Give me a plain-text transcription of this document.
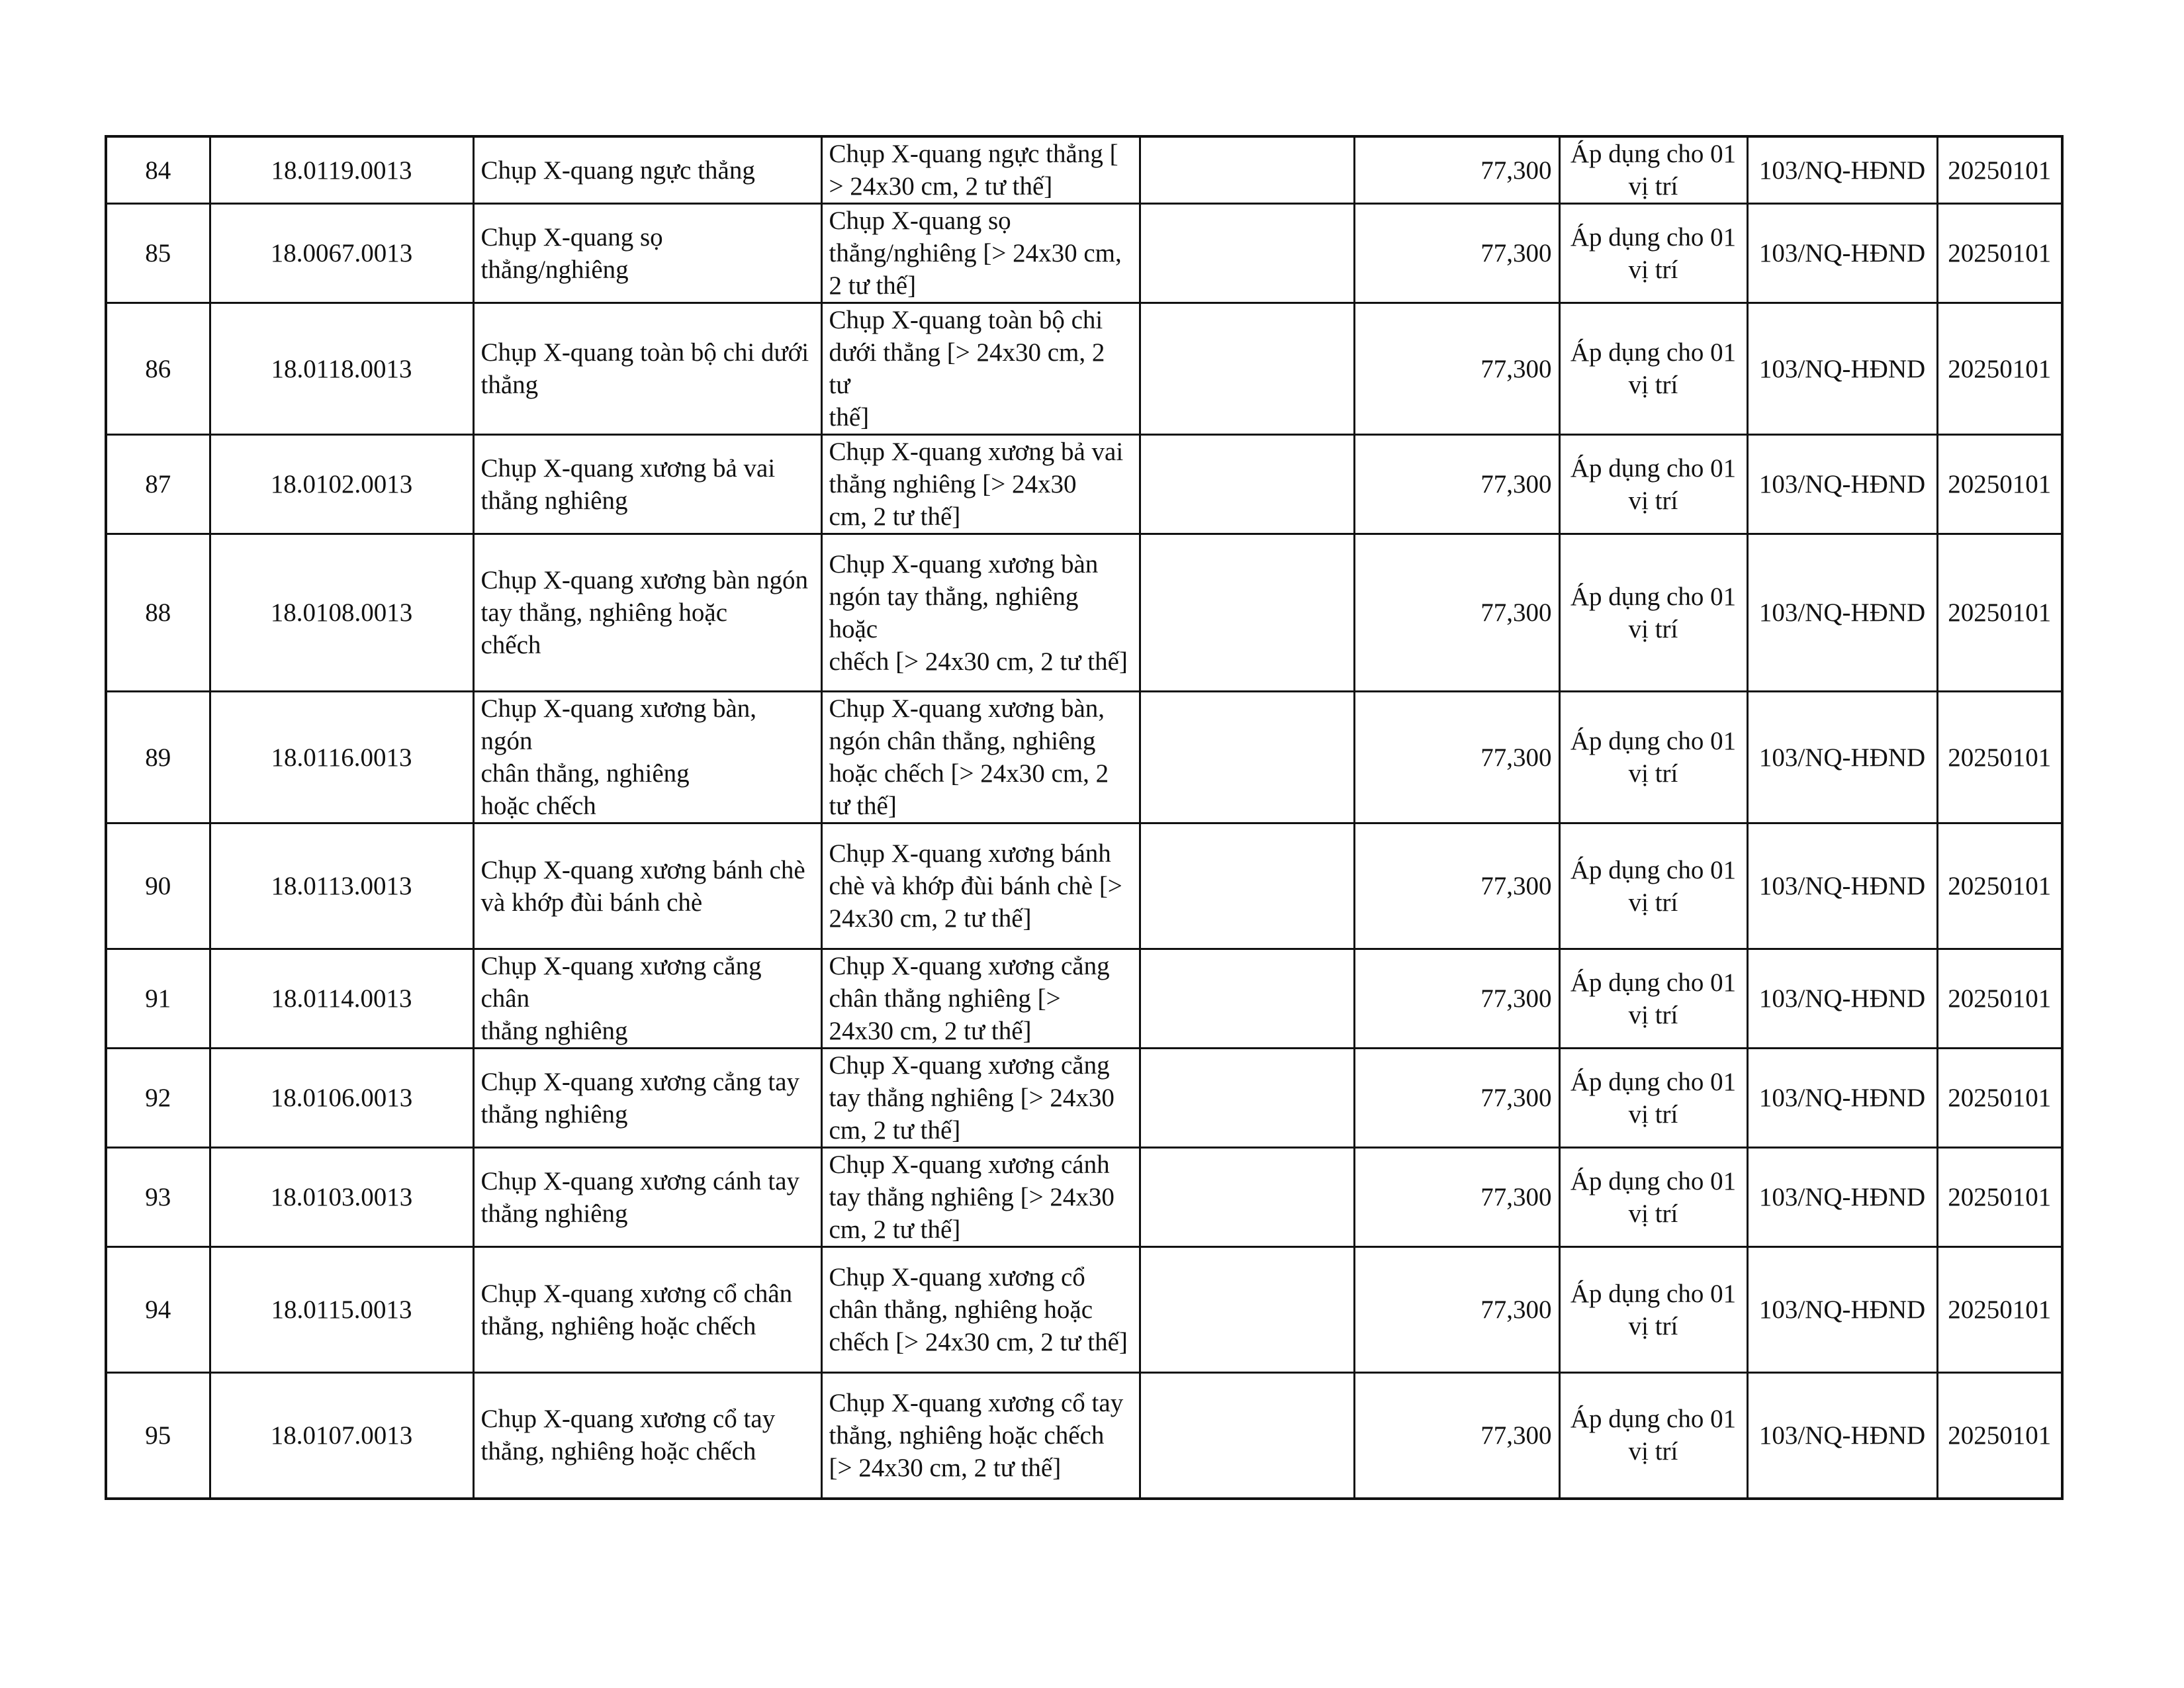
84	18.0119.0013	Chụp X-quang ngực thẳng	Chụp X-quang ngực thẳng [
> 24x30 cm, 2 tư thế]		77,300	Áp dụng cho 01
vị trí	103/NQ-HĐND	20250101

85	18.0067.0013	Chụp X-quang sọ thẳng/nghiêng	Chụp X-quang sọ
thẳng/nghiêng [> 24x30 cm,
2 tư thế]		77,300	Áp dụng cho 01
vị trí	103/NQ-HĐND	20250101

86	18.0118.0013	Chụp X-quang toàn bộ chi dưới
thẳng	Chụp X-quang toàn bộ chi
dưới thẳng [> 24x30 cm, 2 tư
thế]		77,300	Áp dụng cho 01
vị trí	103/NQ-HĐND	20250101

87	18.0102.0013	Chụp X-quang xương bả vai
thẳng nghiêng	Chụp X-quang xương bả vai
thẳng nghiêng [> 24x30
cm, 2 tư thế]		77,300	Áp dụng cho 01
vị trí	103/NQ-HĐND	20250101

88	18.0108.0013	Chụp X-quang xương bàn ngón
tay thẳng, nghiêng hoặc
chếch	Chụp X-quang xương bàn
ngón tay thẳng, nghiêng hoặc
chếch [> 24x30 cm, 2 tư thế]		77,300	Áp dụng cho 01
vị trí	103/NQ-HĐND	20250101

89	18.0116.0013	Chụp X-quang xương bàn, ngón
chân thẳng, nghiêng
hoặc chếch	Chụp X-quang xương bàn,
ngón chân thẳng, nghiêng
hoặc chếch [> 24x30 cm, 2
tư thế]		77,300	Áp dụng cho 01
vị trí	103/NQ-HĐND	20250101

90	18.0113.0013	Chụp X-quang xương bánh chè
và khớp đùi bánh chè	Chụp X-quang xương bánh
chè và khớp đùi bánh chè [>
24x30 cm, 2 tư thế]		77,300	Áp dụng cho 01
vị trí	103/NQ-HĐND	20250101

91	18.0114.0013	Chụp X-quang xương cẳng chân
thẳng nghiêng	Chụp X-quang xương cẳng
chân thẳng nghiêng [>
24x30 cm, 2 tư thế]		77,300	Áp dụng cho 01
vị trí	103/NQ-HĐND	20250101

92	18.0106.0013	Chụp X-quang xương cẳng tay
thẳng nghiêng	Chụp X-quang xương cẳng
tay thẳng nghiêng [> 24x30
cm, 2 tư thế]		77,300	Áp dụng cho 01
vị trí	103/NQ-HĐND	20250101

93	18.0103.0013	Chụp X-quang xương cánh tay
thẳng nghiêng	Chụp X-quang xương cánh
tay thẳng nghiêng [> 24x30
cm, 2 tư thế]		77,300	Áp dụng cho 01
vị trí	103/NQ-HĐND	20250101

94	18.0115.0013	Chụp X-quang xương cổ chân
thẳng, nghiêng hoặc chếch	Chụp X-quang xương cổ
chân thẳng, nghiêng hoặc
chếch [> 24x30 cm, 2 tư thế]		77,300	Áp dụng cho 01
vị trí	103/NQ-HĐND	20250101

95	18.0107.0013	Chụp X-quang xương cổ tay
thẳng, nghiêng hoặc chếch	Chụp X-quang xương cổ tay
thẳng, nghiêng hoặc chếch
[> 24x30 cm, 2 tư thế]		77,300	Áp dụng cho 01
vị trí	103/NQ-HĐND	20250101
